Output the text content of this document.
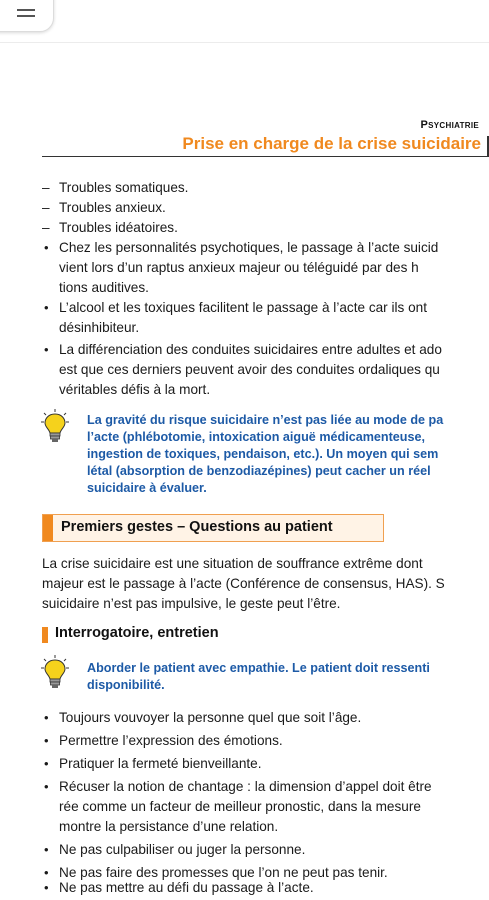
Psychiatrie
Prise en charge de la crise suicidaire
– Troubles somatiques.
– Troubles anxieux.
– Troubles idéatoires.
• Chez les personnalités psychotiques, le passage à l’acte suicid
vient lors d’un raptus anxieux majeur ou téléguidé par des h
tions auditives.
• L’alcool et les toxiques facilitent le passage à l’acte car ils ont
désinhibiteur.
• La différenciation des conduites suicidaires entre adultes et ado
est que ces derniers peuvent avoir des conduites ordaliques qu
véritables défis à la mort.
La gravité du risque suicidaire n’est pas liée au mode de pa
l’acte (phlébotomie, intoxication aiguë médicamenteuse,
ingestion de toxiques, pendaison, etc.). Un moyen qui sem
létal (absorption de benzodiazépines) peut cacher un réel
suicidaire à évaluer.
Premiers gestes – Questions au patient
La crise suicidaire est une situation de souffrance extrême dont
majeur est le passage à l’acte (Conférence de consensus, HAS). S
suicidaire n’est pas impulsive, le geste peut l’être.
Interrogatoire, entretien
Aborder le patient avec empathie. Le patient doit ressenti
disponibilité.
• Toujours vouvoyer la personne quel que soit l’âge.
• Permettre l’expression des émotions.
• Pratiquer la fermeté bienveillante.
• Récuser la notion de chantage : la dimension d’appel doit être
rée comme un facteur de meilleur pronostic, dans la mesure
montre la persistance d’une relation.
• Ne pas culpabiliser ou juger la personne.
• Ne pas faire des promesses que l’on ne peut pas tenir.
• Ne pas mettre au défi du passage à l’acte.
